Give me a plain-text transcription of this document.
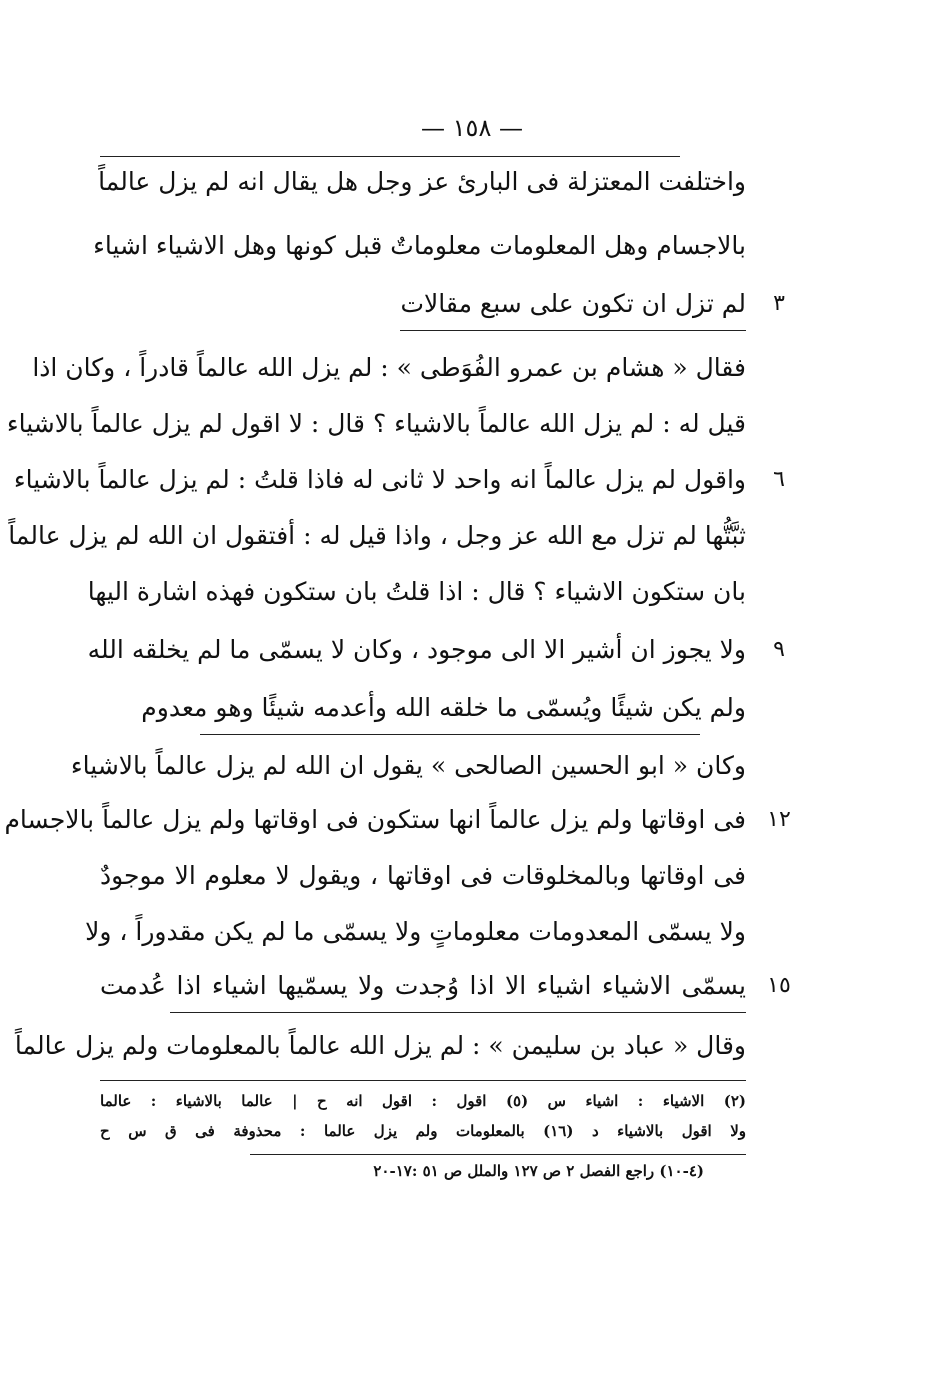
— ١٥٨ —
واختلفت المعتزلة فى البارئ عز وجل هل يقال انه لم يزل عالماً
بالاجسام وهل المعلومات معلوماتٌ قبل كونها وهل الاشياء اشياء
لم تزل ان تكون على سبع مقالات	٣
فقال « هشام بن عمرو الفُوَطى » : لم يزل الله عالماً قادراً ، وكان اذا
قيل له : لم يزل الله عالماً بالاشياء ؟ قال : لا اقول لم يزل عالماً بالاشياء
واقول لم يزل عالماً انه واحد لا ثانى له فاذا قلتُ : لم يزل عالماً بالاشياء	٦
ثبَّتُّها لم تزل مع الله عز وجل ، واذا قيل له : أفتقول ان الله لم يزل عالماً
بان ستكون الاشياء ؟ قال : اذا قلتُ بان ستكون فهذه اشارة اليها
ولا يجوز ان أشير الا الى موجود ، وكان لا يسمّى ما لم يخلقه الله	٩
ولم يكن شيئًا ويُسمّى ما خلقه الله وأعدمه شيئًا وهو معدوم
وكان « ابو الحسين الصالحى » يقول ان الله لم يزل عالماً بالاشياء
فى اوقاتها ولم يزل عالماً انها ستكون فى اوقاتها ولم يزل عالماً بالاجسام ١٢
فى اوقاتها وبالمخلوقات فى اوقاتها ، ويقول لا معلوم الا موجودٌ
ولا يسمّى المعدومات معلوماتٍ ولا يسمّى ما لم يكن مقدوراً ، ولا
يسمّى الاشياء اشياء الا اذا وُجدت ولا يسمّيها اشياء اذا عُدمت ١٥
وقال « عباد بن سليمن » : لم يزل الله عالماً بالمعلومات ولم يزل عالماً
(٢) الاشياء : اشياء س (٥) اقول : اقول انه ح | عالما بالاشياء : عالما
ولا اقول بالاشياء د (١٦) بالمعلومات ولم يزل عالما : محذوفة فى ق س ح
(٤-١٠) راجع الفصل ٢ ص ١٢٧ والملل ص ٥١ :١٧-٢٠
